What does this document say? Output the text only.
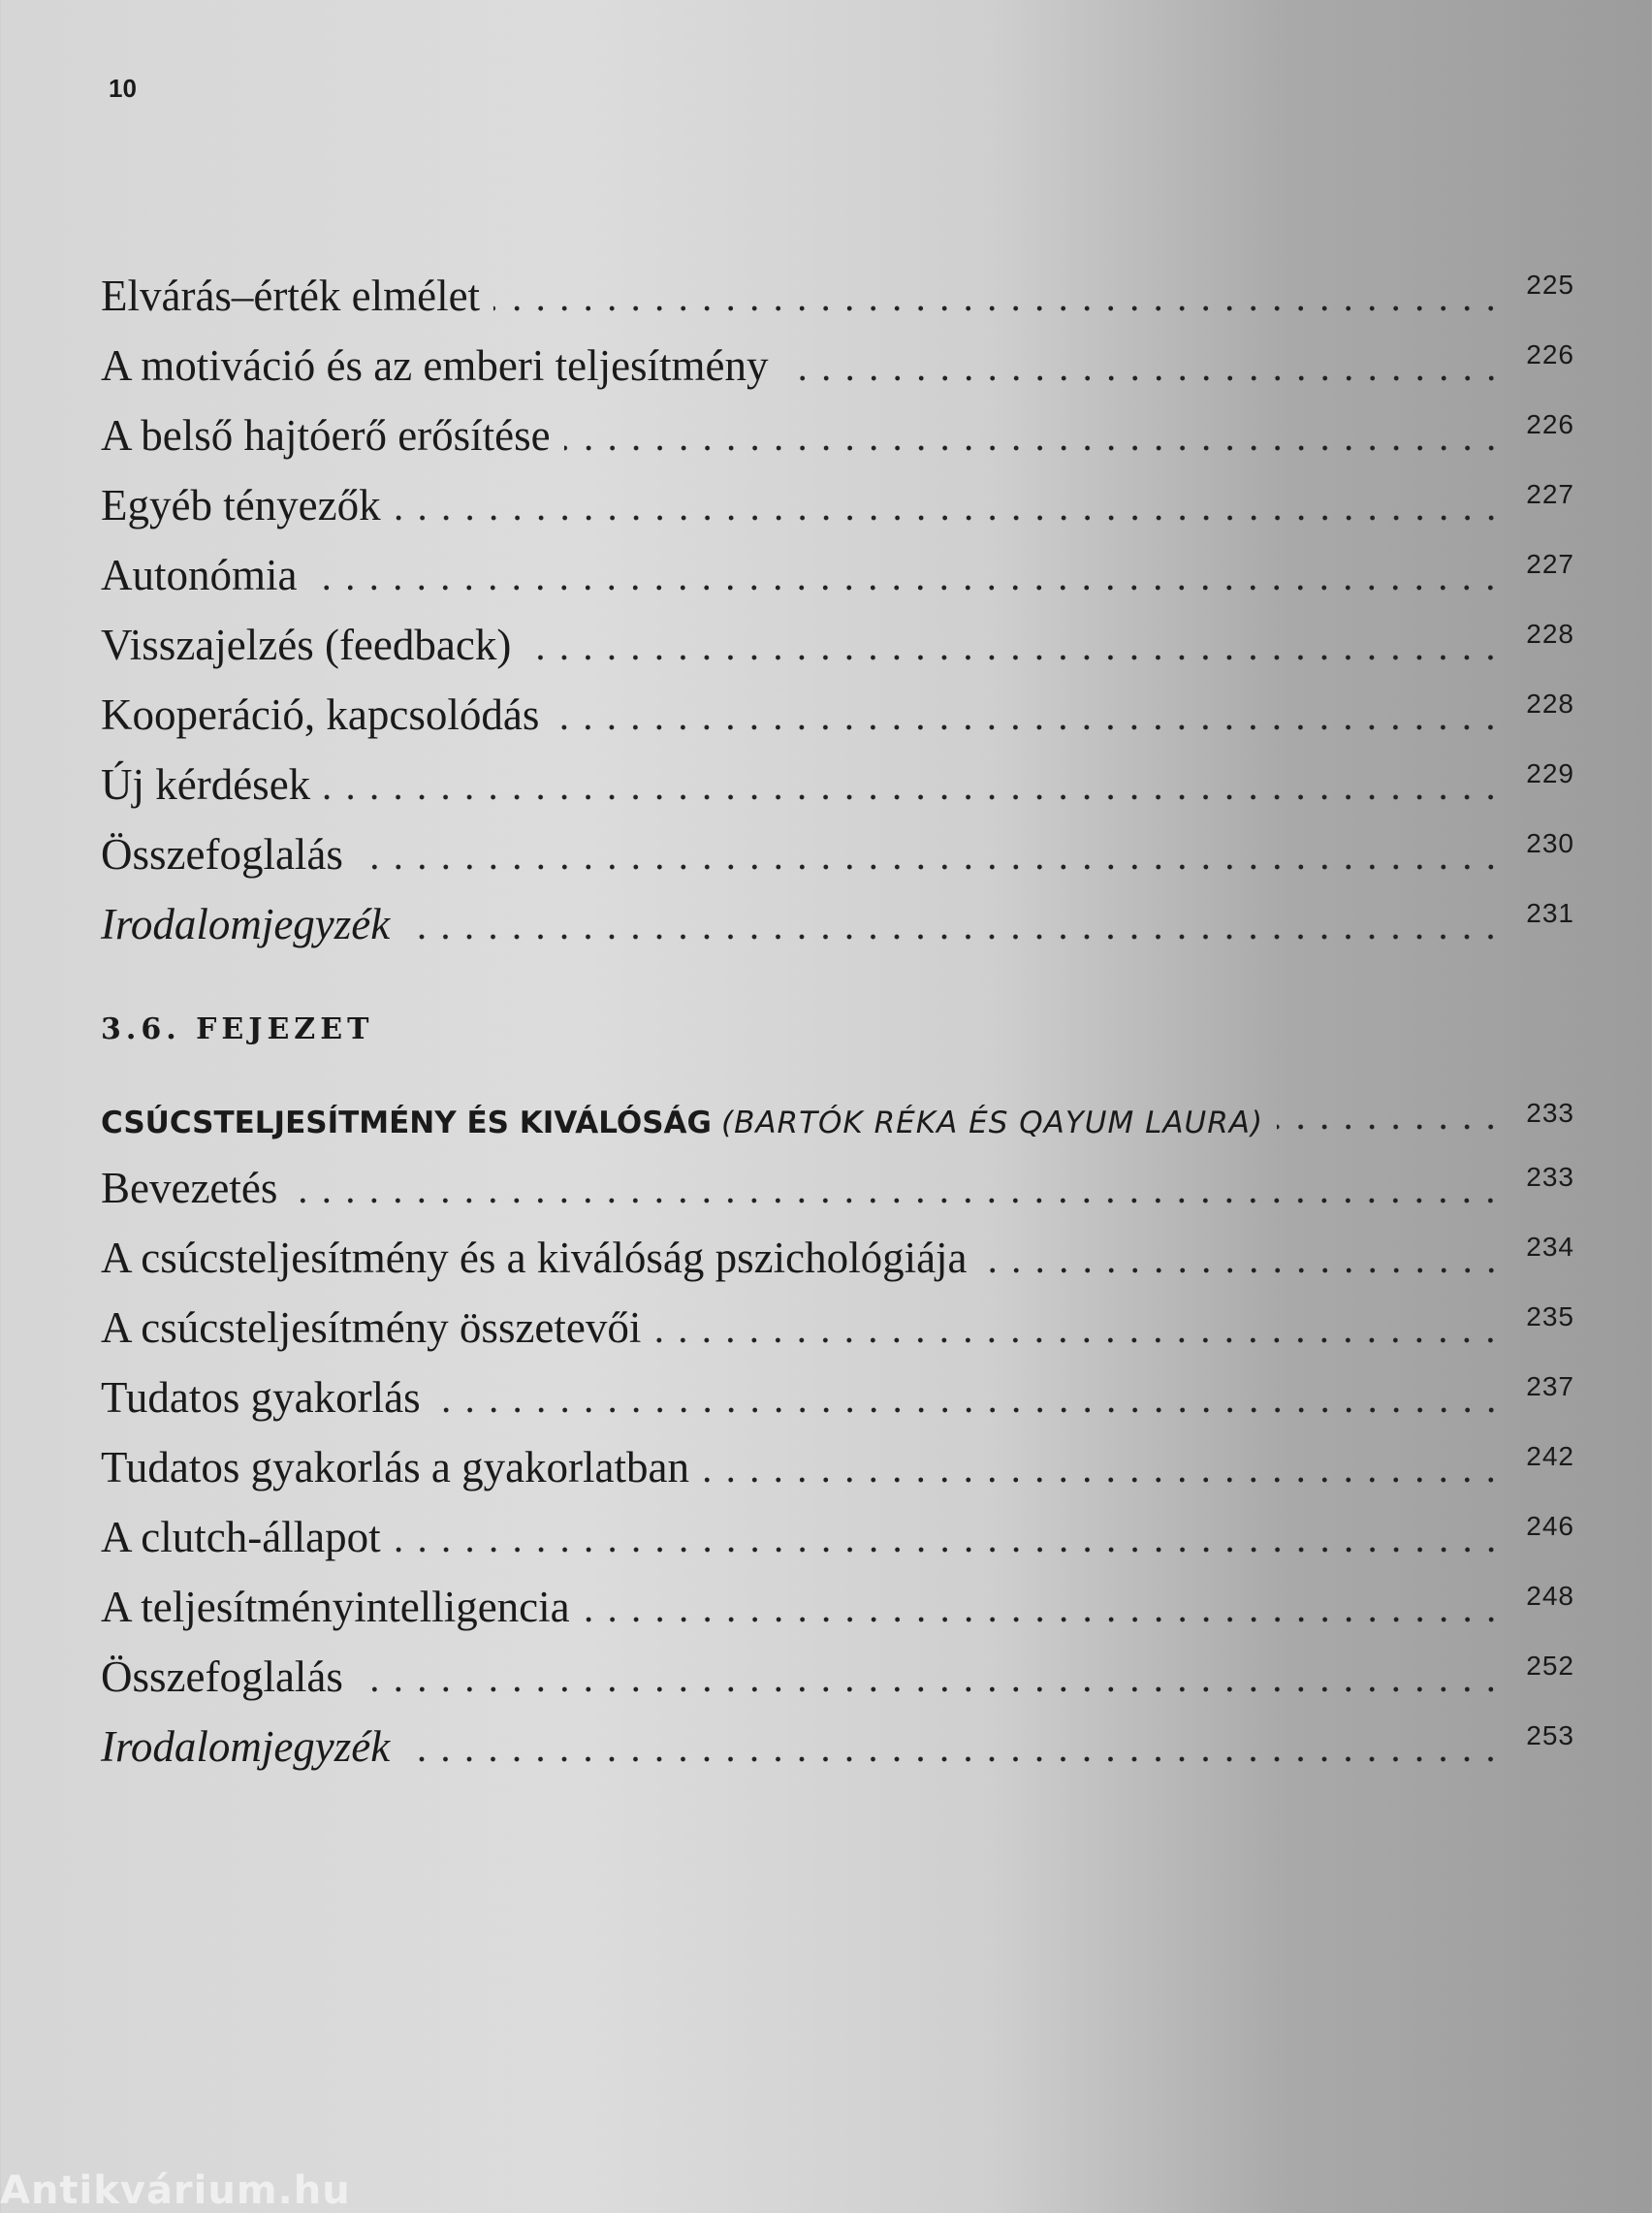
10
Elvárás–érték elmélet	225
A motiváció és az emberi teljesítmény	226
A belső hajtóerő erősítése	226
Egyéb tényezők	227
Autonómia	227
Visszajelzés (feedback)	228
Kooperáció, kapcsolódás	228
Új kérdések	229
Összefoglalás	230
Irodalomjegyzék	231
3.6. FEJEZET
CSÚCSTELJESÍTMÉNY ÉS KIVÁLÓSÁG (BARTÓK RÉKA ÉS QAYUM LAURA)	233
Bevezetés	233
A csúcsteljesítmény és a kiválóság pszichológiája	234
A csúcsteljesítmény összetevői	235
Tudatos gyakorlás	237
Tudatos gyakorlás a gyakorlatban	242
A clutch-állapot	246
A teljesítményintelligencia	248
Összefoglalás	252
Irodalomjegyzék	253
Antikvárium.hu
